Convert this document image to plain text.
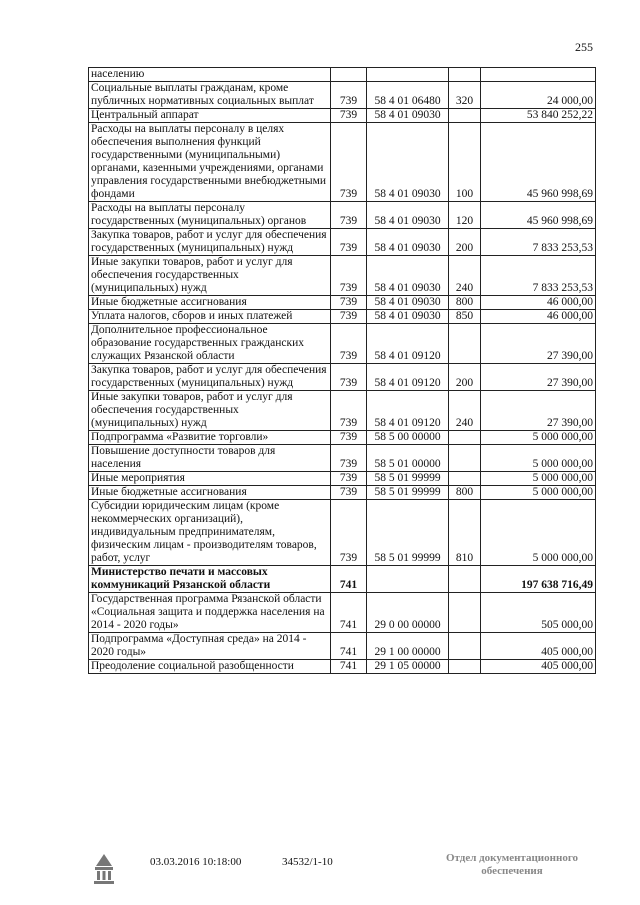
255
населению				
Социальные выплаты гражданам, кроме публичных нормативных социальных выплат	739	58 4 01 06480	320	24 000,00
Центральный аппарат	739	58 4 01 09030		53 840 252,22
Расходы на выплаты персоналу в целях обеспечения выполнения функций государственными (муниципальными) органами, казенными учреждениями, органами управления государственными внебюджетными фондами	739	58 4 01 09030	100	45 960 998,69
Расходы на выплаты персоналу государственных (муниципальных) органов	739	58 4 01 09030	120	45 960 998,69
Закупка товаров, работ и услуг для обеспечения государственных (муниципальных) нужд	739	58 4 01 09030	200	7 833 253,53
Иные закупки товаров, работ и услуг для обеспечения государственных (муниципальных) нужд	739	58 4 01 09030	240	7 833 253,53
Иные бюджетные ассигнования	739	58 4 01 09030	800	46 000,00
Уплата налогов, сборов и иных платежей	739	58 4 01 09030	850	46 000,00
Дополнительное профессиональное образование государственных гражданских служащих Рязанской области	739	58 4 01 09120		27 390,00
Закупка товаров, работ и услуг для обеспечения государственных (муниципальных) нужд	739	58 4 01 09120	200	27 390,00
Иные закупки товаров, работ и услуг для обеспечения государственных (муниципальных) нужд	739	58 4 01 09120	240	27 390,00
Подпрограмма «Развитие торговли»	739	58 5 00 00000		5 000 000,00
Повышение доступности товаров для населения	739	58 5 01 00000		5 000 000,00
Иные мероприятия	739	58 5 01 99999		5 000 000,00
Иные бюджетные ассигнования	739	58 5 01 99999	800	5 000 000,00
Субсидии юридическим лицам (кроме некоммерческих организаций), индивидуальным предпринимателям, физическим лицам - производителям товаров, работ, услуг	739	58 5 01 99999	810	5 000 000,00
Министерство печати и массовых коммуникаций Рязанской области	741			197 638 716,49
Государственная программа Рязанской области «Социальная защита и поддержка населения на 2014 - 2020 годы»	741	29 0 00 00000		505 000,00
Подпрограмма «Доступная среда» на 2014 - 2020 годы»	741	29 1 00 00000		405 000,00
Преодоление социальной разобщенности	741	29 1 05 00000		405 000,00
03.03.2016 10:18:00	34532/1-10	Отдел документационного
обеспечения
